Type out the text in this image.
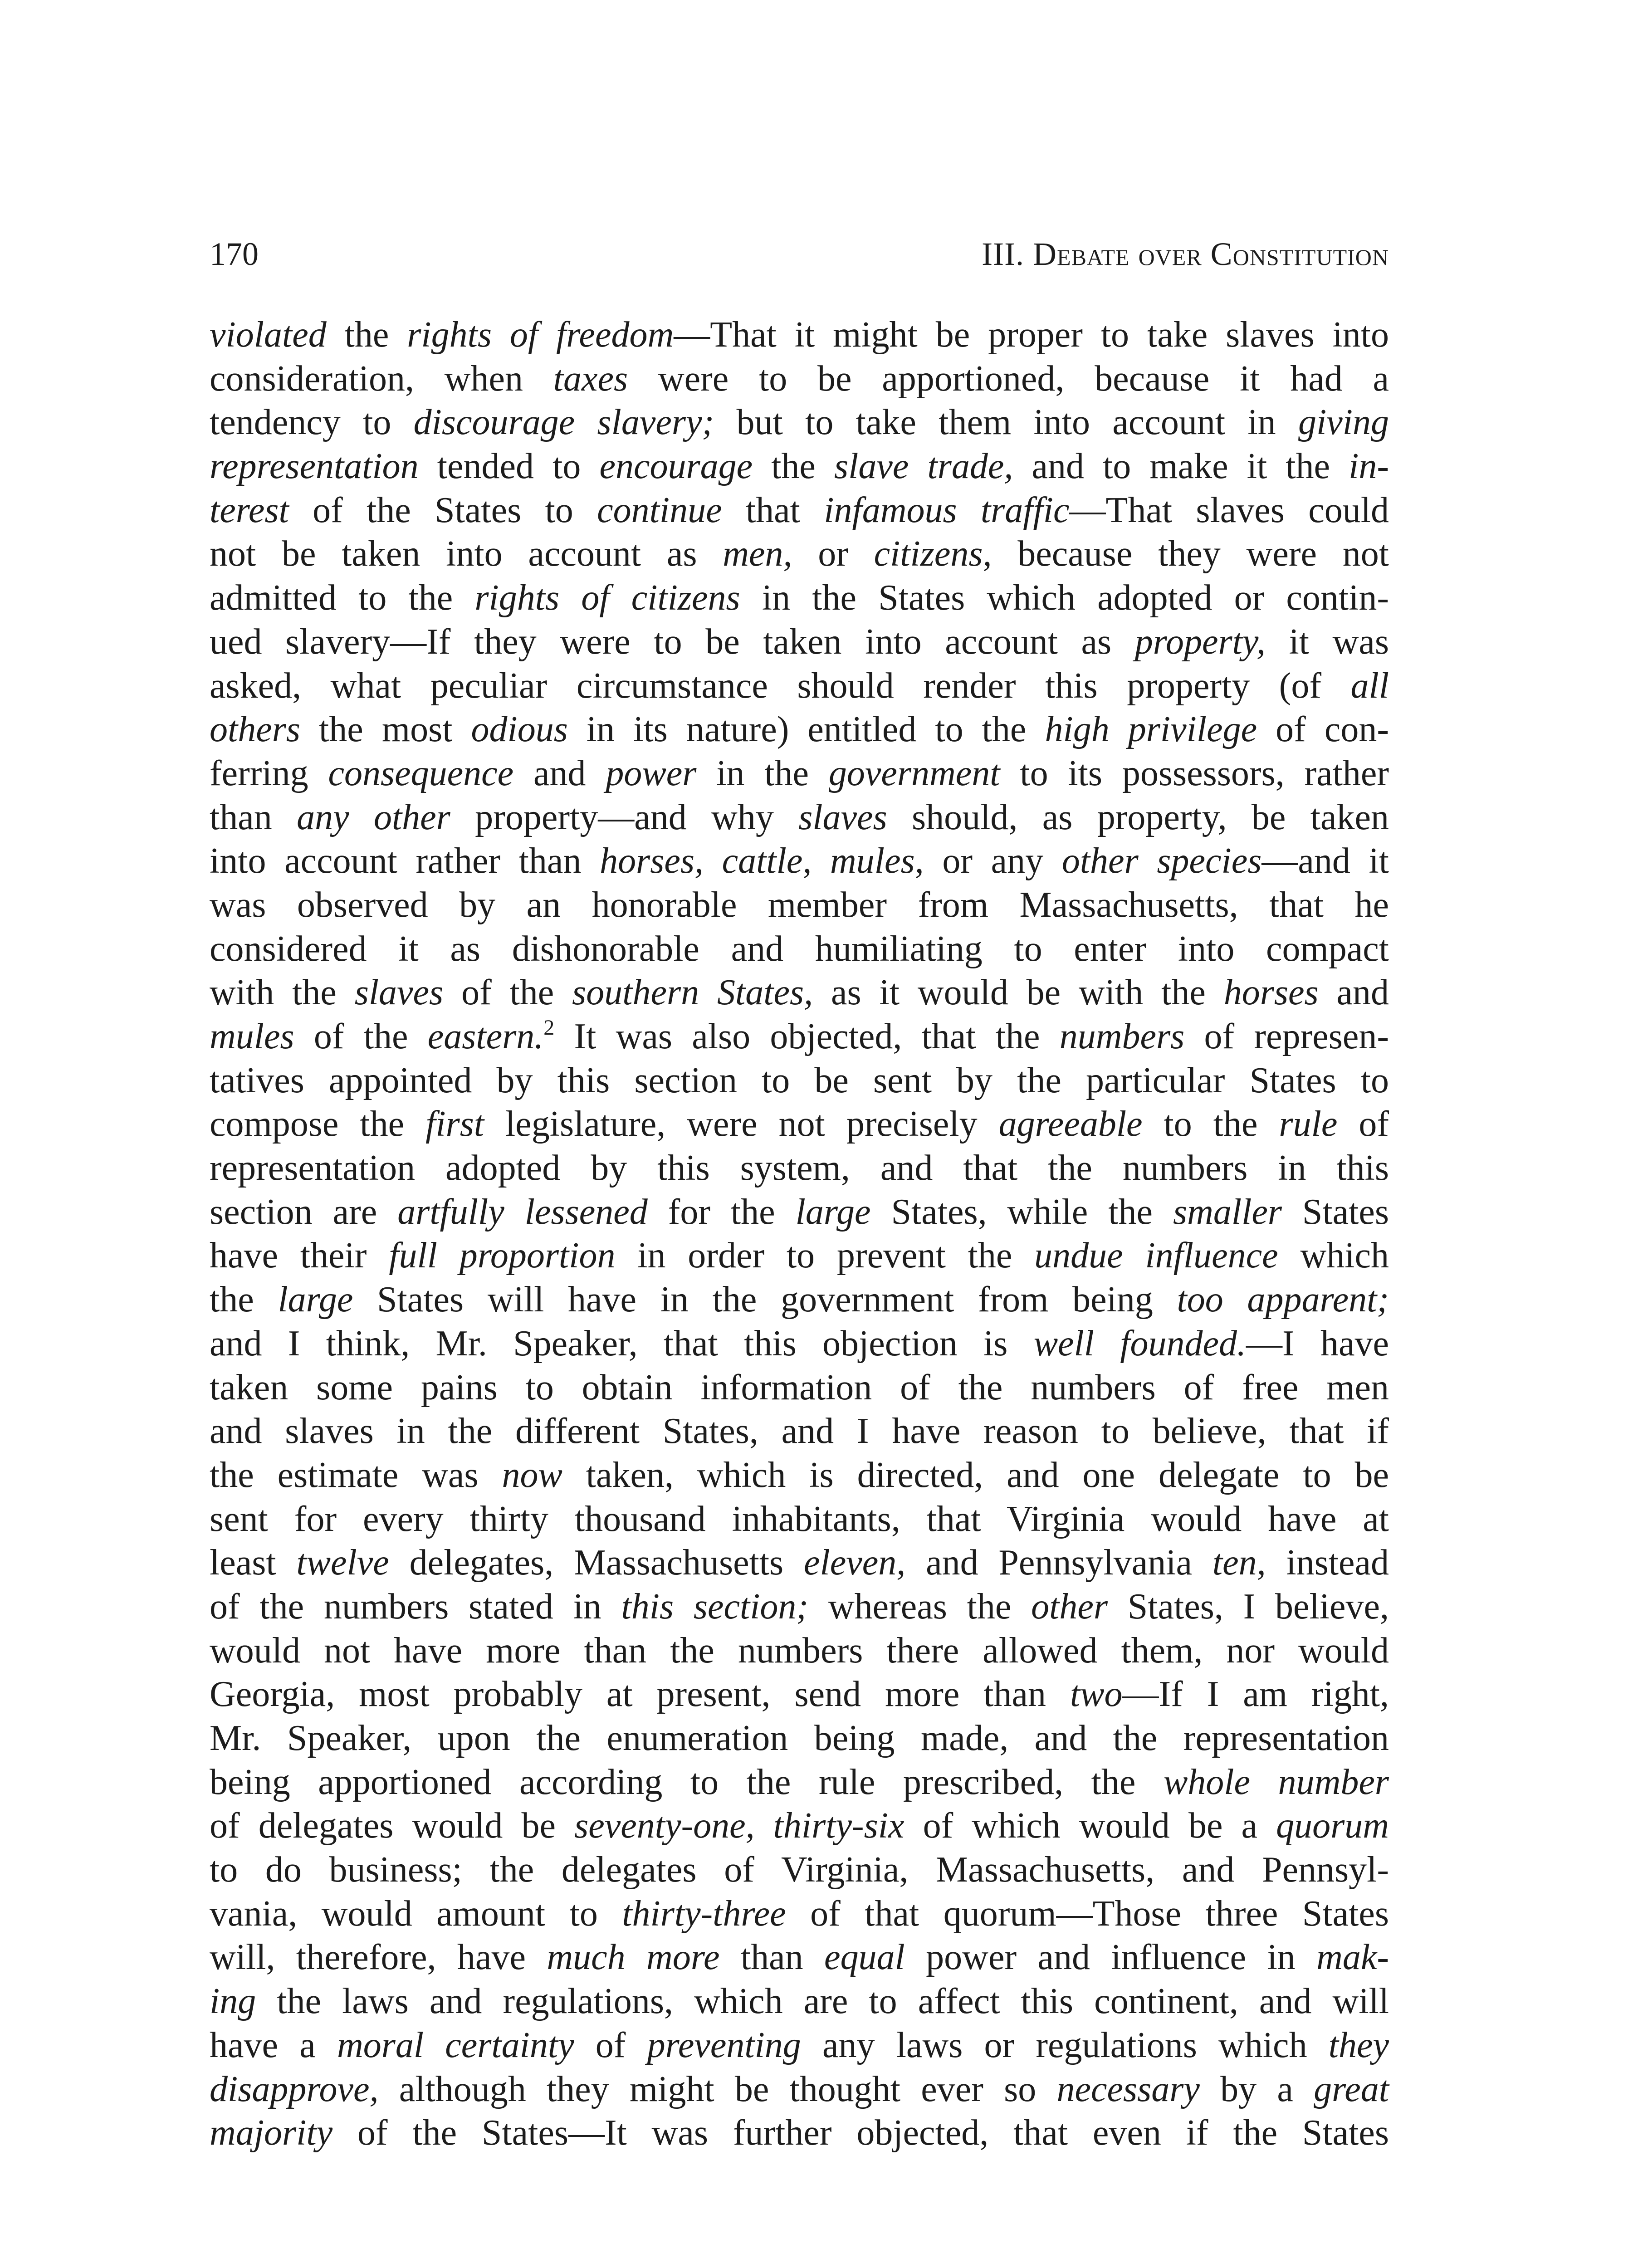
170	III. Debate over Constitution
violated the rights of freedom—That it might be proper to take slaves into
consideration, when taxes were to be apportioned, because it had a
tendency to discourage slavery; but to take them into account in giving
representation tended to encourage the slave trade, and to make it the in-
terest of the States to continue that infamous traffic—That slaves could
not be taken into account as men, or citizens, because they were not
admitted to the rights of citizens in the States which adopted or contin-
ued slavery—If they were to be taken into account as property, it was
asked, what peculiar circumstance should render this property (of all
others the most odious in its nature) entitled to the high privilege of con-
ferring consequence and power in the government to its possessors, rather
than any other property—and why slaves should, as property, be taken
into account rather than horses, cattle, mules, or any other species—and it
was observed by an honorable member from Massachusetts, that he
considered it as dishonorable and humiliating to enter into compact
with the slaves of the southern States, as it would be with the horses and
mules of the eastern.$^2$ It was also objected, that the numbers of represen-
tatives appointed by this section to be sent by the particular States to
compose the first legislature, were not precisely agreeable to the rule of
representation adopted by this system, and that the numbers in this
section are artfully lessened for the large States, while the smaller States
have their full proportion in order to prevent the undue influence which
the large States will have in the government from being too apparent;
and I think, Mr. Speaker, that this objection is well founded.—I have
taken some pains to obtain information of the numbers of free men
and slaves in the different States, and I have reason to believe, that if
the estimate was now taken, which is directed, and one delegate to be
sent for every thirty thousand inhabitants, that Virginia would have at
least twelve delegates, Massachusetts eleven, and Pennsylvania ten, instead
of the numbers stated in this section; whereas the other States, I believe,
would not have more than the numbers there allowed them, nor would
Georgia, most probably at present, send more than two—If I am right,
Mr. Speaker, upon the enumeration being made, and the representation
being apportioned according to the rule prescribed, the whole number
of delegates would be seventy-one, thirty-six of which would be a quorum
to do business; the delegates of Virginia, Massachusetts, and Pennsyl-
vania, would amount to thirty-three of that quorum—Those three States
will, therefore, have much more than equal power and influence in mak-
ing the laws and regulations, which are to affect this continent, and will
have a moral certainty of preventing any laws or regulations which they
disapprove, although they might be thought ever so necessary by a great
majority of the States—It was further objected, that even if the States
